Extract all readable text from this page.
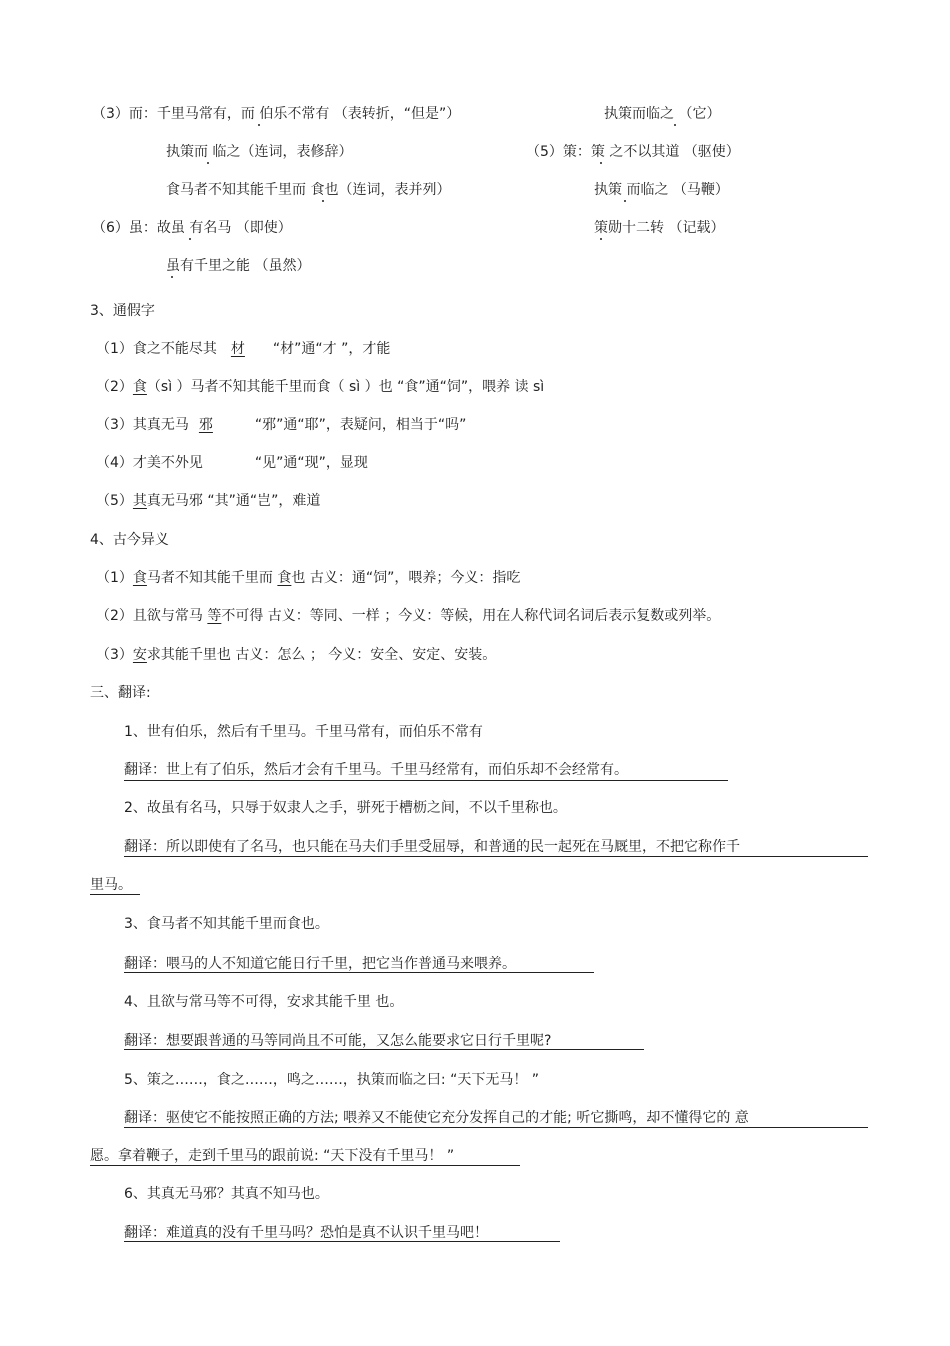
（3）而：千里马常有，而 伯乐不常有 （表转折，“但是”）	执策而临之 （它）
执策而 临之（连词，表修辞）	（5）策：策 之不以其道 （驱使）
食马者不知其能千里而 食也（连词，表并列）	执策 而临之 （马鞭）
（6）虽：故虽 有名马 （即使）	策勋十二转 （记载）
虽有千里之能 （虽然）
3、通假字
（1）食之不能尽其 材 “材”通“才 ”，才能
（2）食（sì ）马者不知其能千里而食（ sì ）也 “食”通“饲”，喂养 读 sì
（3）其真无马 邪	“邪”通“耶”，表疑问，相当于“吗”
（4）才美不外见	“见”通“现”，显现
（5）其真无马邪 “其”通“岂”，难道
4、古今异义
（1）食马者不知其能千里而 食也 古义：通“饲”，喂养；今义：指吃
（2）且欲与常马 等不可得 古义：等同、一样 ；今义：等候，用在人称代词名词后表示复数或列举。
（3）安求其能千里也 古义：怎么 ； 今义：安全、安定、安装。
三、翻译:
1、世有伯乐，然后有千里马。千里马常有，而伯乐不常有
翻译：世上有了伯乐，然后才会有千里马。千里马经常有，而伯乐却不会经常有。
2、故虽有名马，只辱于奴隶人之手，骈死于槽枥之间，不以千里称也。
翻译：所以即使有了名马，也只能在马夫们手里受屈辱，和普通的民一起死在马厩里，不把它称作千
里马。
3、食马者不知其能千里而食也。
翻译：喂马的人不知道它能日行千里，把它当作普通马来喂养。
4、且欲与常马等不可得，安求其能千里 也。
翻译：想要跟普通的马等同尚且不可能，又怎么能要求它日行千里呢?
5、策之……，食之……，鸣之……，执策而临之曰: “天下无马！ ”
翻译：驱使它不能按照正确的方法; 喂养又不能使它充分发挥自己的才能; 听它撕鸣，却不懂得它的 意
愿。拿着鞭子，走到千里马的跟前说: “天下没有千里马！ ”
6、其真无马邪？其真不知马也。
翻译：难道真的没有千里马吗？恐怕是真不认识千里马吧！
